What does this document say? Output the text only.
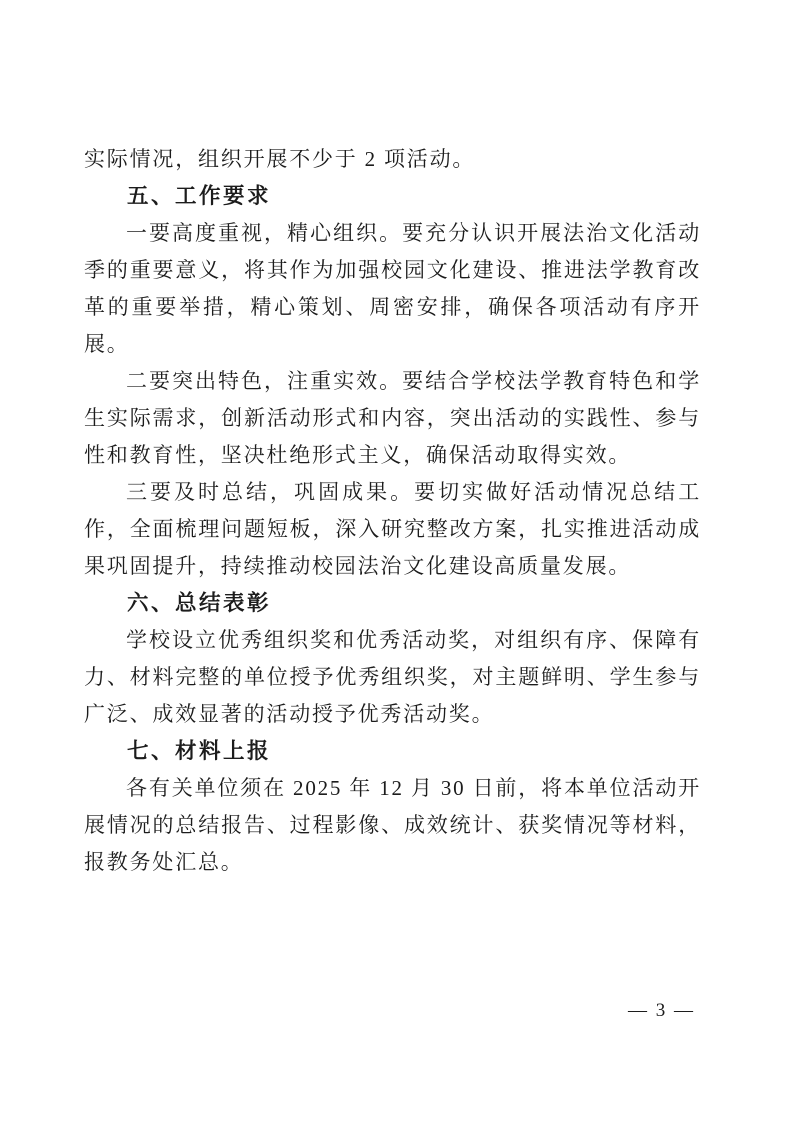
实际情况，组织开展不少于 2 项活动。

五、工作要求

一要高度重视，精心组织。要充分认识开展法治文化活动季的重要意义，将其作为加强校园文化建设、推进法学教育改革的重要举措，精心策划、周密安排，确保各项活动有序开展。

二要突出特色，注重实效。要结合学校法学教育特色和学生实际需求，创新活动形式和内容，突出活动的实践性、参与性和教育性，坚决杜绝形式主义，确保活动取得实效。

三要及时总结，巩固成果。要切实做好活动情况总结工作，全面梳理问题短板，深入研究整改方案，扎实推进活动成果巩固提升，持续推动校园法治文化建设高质量发展。

六、总结表彰

学校设立优秀组织奖和优秀活动奖，对组织有序、保障有力、材料完整的单位授予优秀组织奖，对主题鲜明、学生参与广泛、成效显著的活动授予优秀活动奖。

七、材料上报

各有关单位须在 2025 年 12 月 30 日前，将本单位活动开展情况的总结报告、过程影像、成效统计、获奖情况等材料，报教务处汇总。

— 3 —
